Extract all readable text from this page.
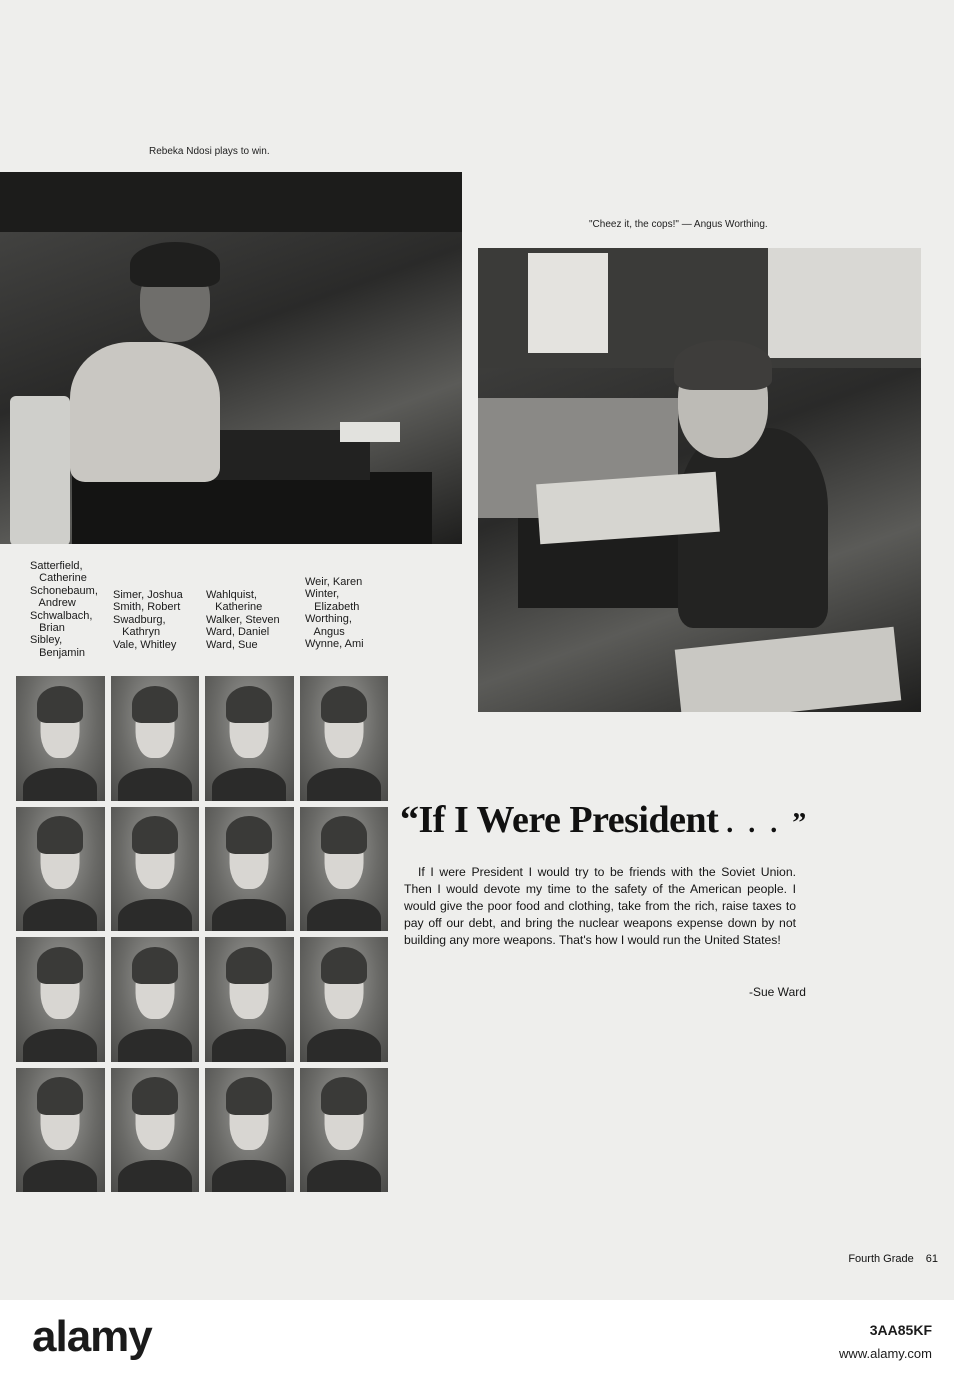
Rebeka Ndosi plays to win.
"Cheez it, the cops!" — Angus Worthing.
Satterfield,
Catherine
Schonebaum,
Andrew
Schwalbach,
Brian
Sibley,
Benjamin
Simer, Joshua
Smith, Robert
Swadburg,
Kathryn
Vale, Whitley
Wahlquist,
Katherine
Walker, Steven
Ward, Daniel
Ward, Sue
Weir, Karen
Winter,
Elizabeth
Worthing,
Angus
Wynne, Ami
“If I Were President . . . ”
If I were President I would try to be friends with the Soviet Union. Then I would devote my time to the safety of the American people. I would give the poor food and clothing, take from the rich, raise taxes to pay off our debt, and bring the nuclear weapons expense down by not building any more weapons. That's how I would run the United States!
-Sue Ward
Fourth Grade 61
alamy	3AA85KF
www.alamy.com
